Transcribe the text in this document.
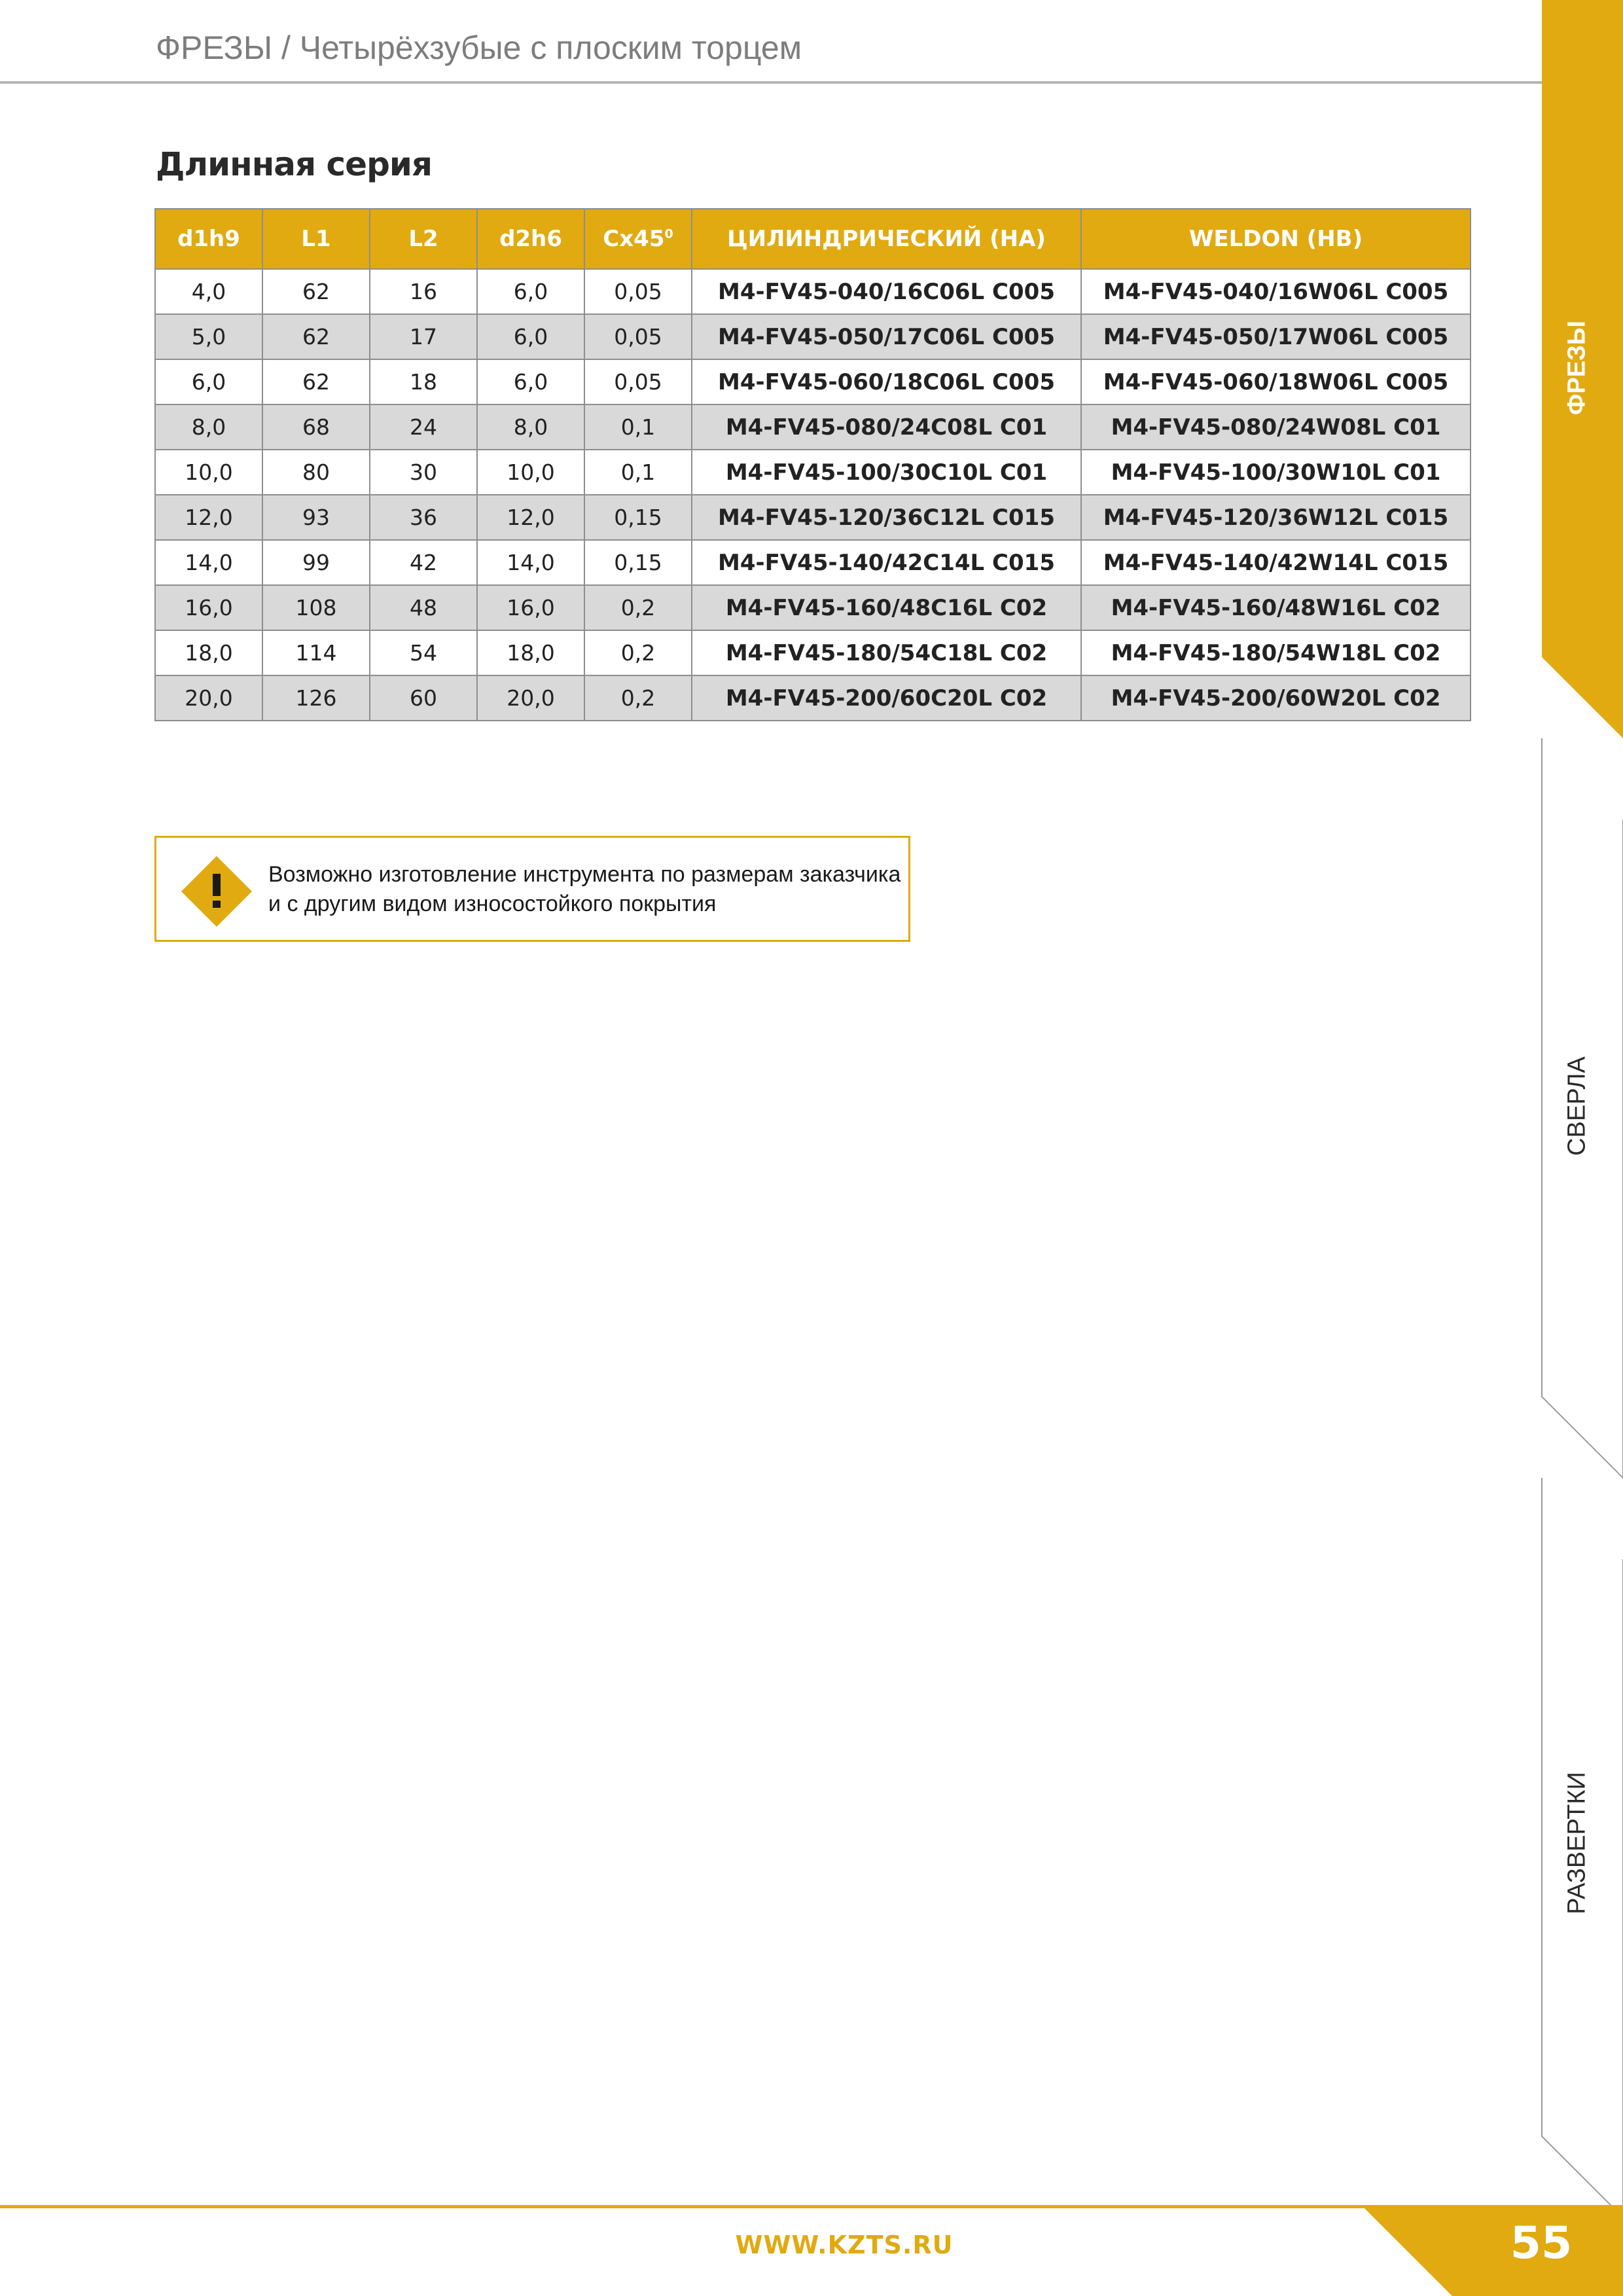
ФРЕЗЫ / Четырёхзубые с плоским торцем
Длинная серия
d1h9	L1	L2	d2h6	$Cx45^0$	ЦИЛИНДРИЧЕСКИЙ (HA)	WELDON (HB)
4,0	62	16	6,0	0,05	M4-FV45-040/16C06L C005	M4-FV45-040/16W06L C005
5,0	62	17	6,0	0,05	M4-FV45-050/17C06L C005	M4-FV45-050/17W06L C005
6,0	62	18	6,0	0,05	M4-FV45-060/18C06L C005	M4-FV45-060/18W06L C005
8,0	68	24	8,0	0,1	M4-FV45-080/24C08L C01	M4-FV45-080/24W08L C01
10,0	80	30	10,0	0,1	M4-FV45-100/30C10L C01	M4-FV45-100/30W10L C01
12,0	93	36	12,0	0,15	M4-FV45-120/36C12L C015	M4-FV45-120/36W12L C015
14,0	99	42	14,0	0,15	M4-FV45-140/42C14L C015	M4-FV45-140/42W14L C015
16,0	108	48	16,0	0,2	M4-FV45-160/48C16L C02	M4-FV45-160/48W16L C02
18,0	114	54	18,0	0,2	M4-FV45-180/54C18L C02	M4-FV45-180/54W18L C02
20,0	126	60	20,0	0,2	M4-FV45-200/60C20L C02	M4-FV45-200/60W20L C02
Возможно изготовление инструмента по размерам заказчика
и с другим видом износостойкого покрытия
ФРЕЗЫ
СВЕРЛА
РАЗВЕРТКИ
WWW.KZTS.RU	55
